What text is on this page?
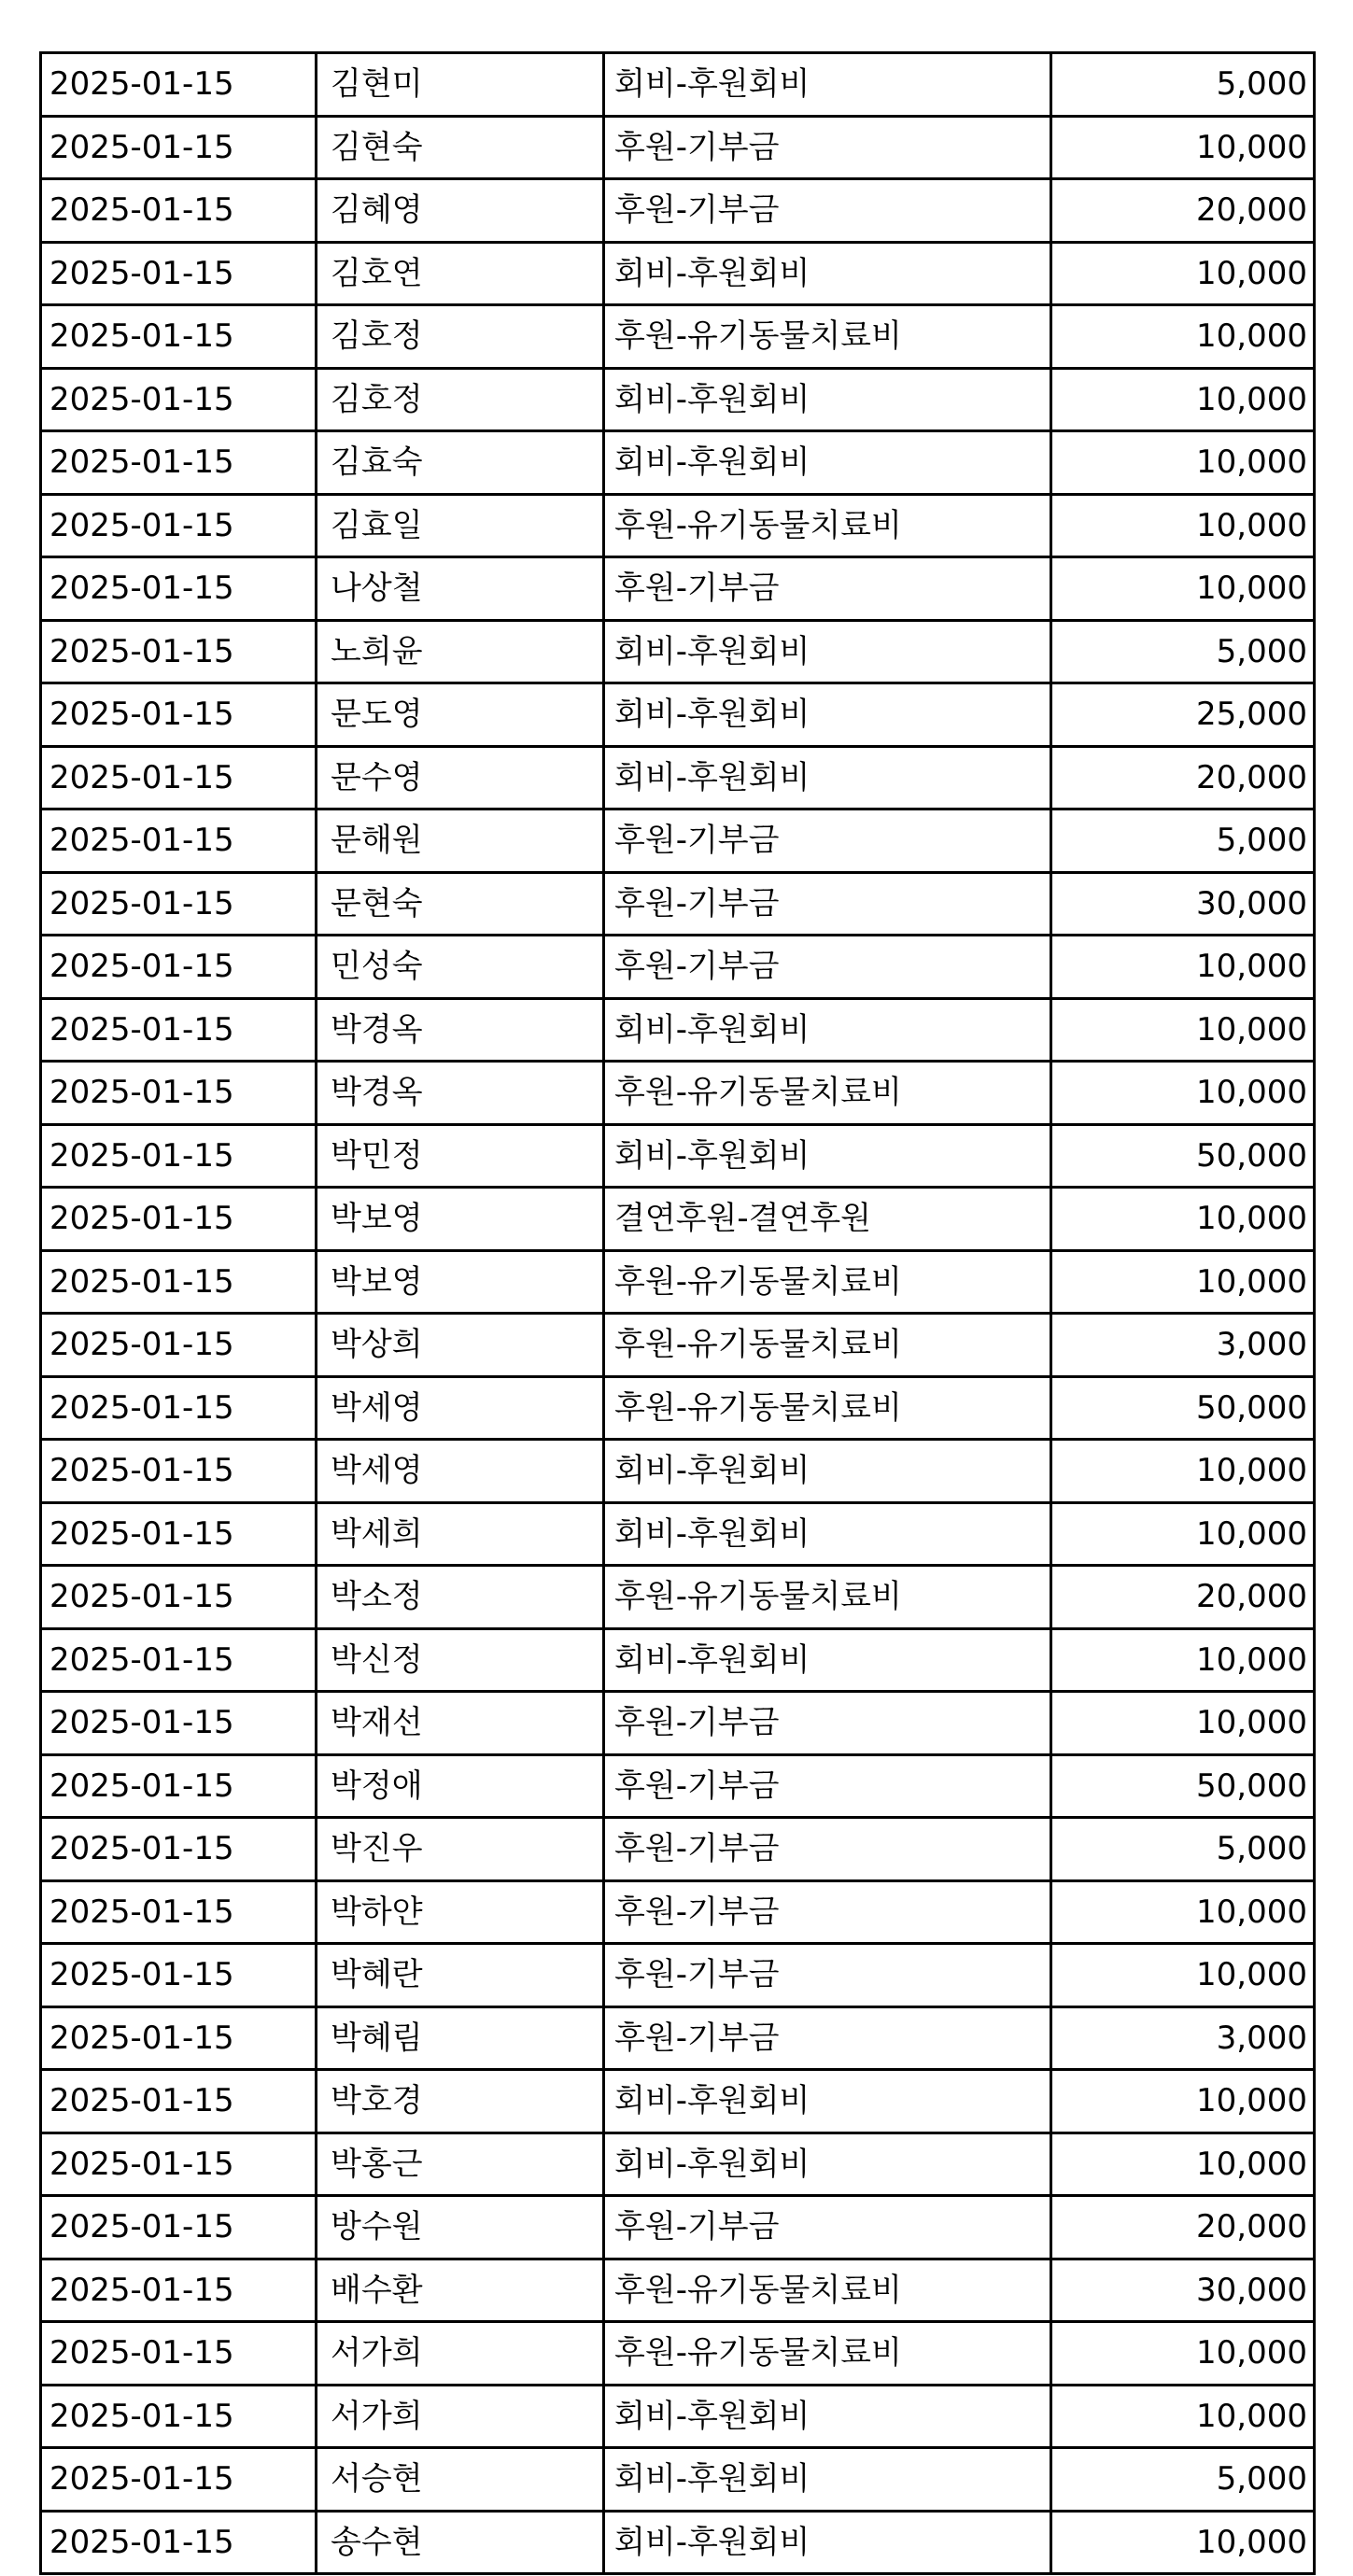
2025-01-15	김현미	회비-후원회비	5,000
2025-01-15	김현숙	후원-기부금	10,000
2025-01-15	김혜영	후원-기부금	20,000
2025-01-15	김호연	회비-후원회비	10,000
2025-01-15	김호정	후원-유기동물치료비	10,000
2025-01-15	김호정	회비-후원회비	10,000
2025-01-15	김효숙	회비-후원회비	10,000
2025-01-15	김효일	후원-유기동물치료비	10,000
2025-01-15	나상철	후원-기부금	10,000
2025-01-15	노희윤	회비-후원회비	5,000
2025-01-15	문도영	회비-후원회비	25,000
2025-01-15	문수영	회비-후원회비	20,000
2025-01-15	문해원	후원-기부금	5,000
2025-01-15	문현숙	후원-기부금	30,000
2025-01-15	민성숙	후원-기부금	10,000
2025-01-15	박경옥	회비-후원회비	10,000
2025-01-15	박경옥	후원-유기동물치료비	10,000
2025-01-15	박민정	회비-후원회비	50,000
2025-01-15	박보영	결연후원-결연후원	10,000
2025-01-15	박보영	후원-유기동물치료비	10,000
2025-01-15	박상희	후원-유기동물치료비	3,000
2025-01-15	박세영	후원-유기동물치료비	50,000
2025-01-15	박세영	회비-후원회비	10,000
2025-01-15	박세희	회비-후원회비	10,000
2025-01-15	박소정	후원-유기동물치료비	20,000
2025-01-15	박신정	회비-후원회비	10,000
2025-01-15	박재선	후원-기부금	10,000
2025-01-15	박정애	후원-기부금	50,000
2025-01-15	박진우	후원-기부금	5,000
2025-01-15	박하얀	후원-기부금	10,000
2025-01-15	박혜란	후원-기부금	10,000
2025-01-15	박혜림	후원-기부금	3,000
2025-01-15	박호경	회비-후원회비	10,000
2025-01-15	박홍근	회비-후원회비	10,000
2025-01-15	방수원	후원-기부금	20,000
2025-01-15	배수환	후원-유기동물치료비	30,000
2025-01-15	서가희	후원-유기동물치료비	10,000
2025-01-15	서가희	회비-후원회비	10,000
2025-01-15	서승현	회비-후원회비	5,000
2025-01-15	송수현	회비-후원회비	10,000
